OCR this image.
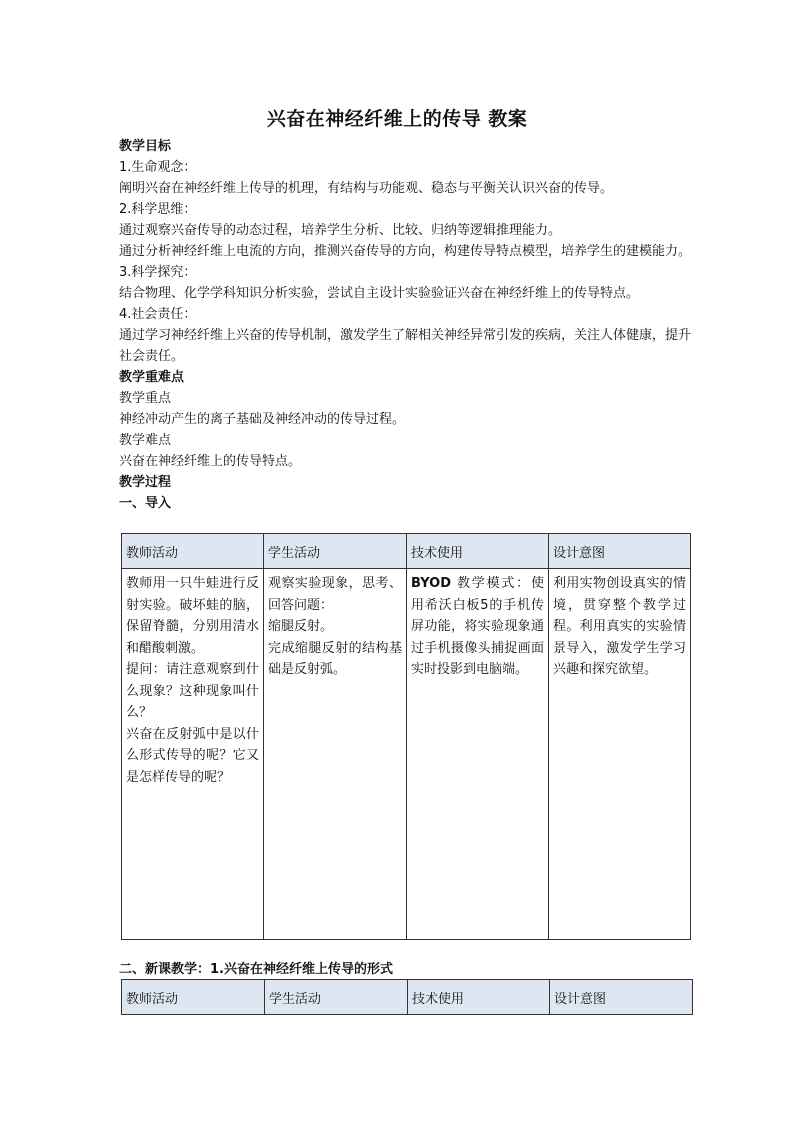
兴奋在神经纤维上的传导 教案

教学目标

1.生命观念：

阐明兴奋在神经纤维上传导的机理，有结构与功能观、稳态与平衡关认识兴奋的传导。

2.科学思维：

通过观察兴奋传导的动态过程，培养学生分析、比较、归纳等逻辑推理能力。

通过分析神经纤维上电流的方向，推测兴奋传导的方向，构建传导特点模型，培养学生的建模能力。

3.科学探究：

结合物理、化学学科知识分析实验，尝试自主设计实验验证兴奋在神经纤维上的传导特点。

4.社会责任：

通过学习神经纤维上兴奋的传导机制，激发学生了解相关神经异常引发的疾病，关注人体健康，提升社会责任。

教学重难点

教学重点

神经冲动产生的离子基础及神经冲动的传导过程。

教学难点

兴奋在神经纤维上的传导特点。

教学过程

一、导入

教师活动	学生活动	技术使用	设计意图

教师用一只牛蛙进行反射实验。破坏蛙的脑，保留脊髓，分别用清水和醋酸刺激。
提问：请注意观察到什么现象？这种现象叫什么？
兴奋在反射弧中是以什么形式传导的呢？它又是怎样传导的呢？	观察实验现象，思考、回答问题：
缩腿反射。
完成缩腿反射的结构基础是反射弧。	BYOD 教学模式：使用希沃白板5的手机传屏功能，将实验现象通过手机摄像头捕捉画面实时投影到电脑端。	利用实物创设真实的情境，贯穿整个教学过程。利用真实的实验情景导入，激发学生学习兴趣和探究欲望。
二、新课教学：1.兴奋在神经纤维上传导的形式
教师活动	学生活动	技术使用	设计意图
